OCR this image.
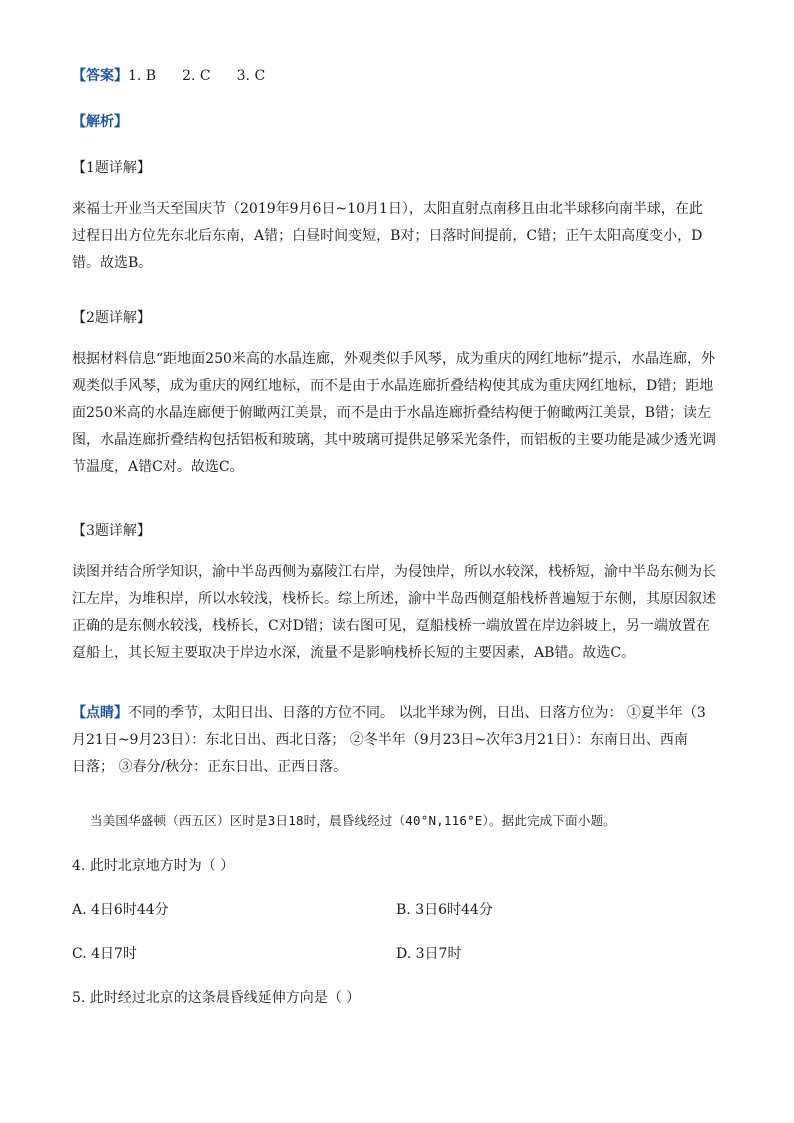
【答案】1. B 2. C 3. C
【解析】
【1题详解】
来福士开业当天至国庆节（2019年9月6日~10月1日），太阳直射点南移且由北半球移向南半球，在此
过程日出方位先东北后东南，A错；白昼时间变短，B对；日落时间提前，C错；正午太阳高度变小，D
错。故选B。
【2题详解】
根据材料信息“距地面250米高的水晶连廊，外观类似手风琴，成为重庆的网红地标”提示，水晶连廊，外
观类似手风琴，成为重庆的网红地标，而不是由于水晶连廊折叠结构使其成为重庆网红地标，D错；距地
面250米高的水晶连廊便于俯瞰两江美景，而不是由于水晶连廊折叠结构便于俯瞰两江美景，B错；读左
图，水晶连廊折叠结构包括铝板和玻璃，其中玻璃可提供足够采光条件，而铝板的主要功能是减少透光调
节温度，A错C对。故选C。
【3题详解】
读图并结合所学知识，渝中半岛西侧为嘉陵江右岸，为侵蚀岸，所以水较深，栈桥短，渝中半岛东侧为长
江左岸，为堆积岸，所以水较浅，栈桥长。综上所述，渝中半岛西侧趸船栈桥普遍短于东侧，其原因叙述
正确的是东侧水较浅，栈桥长，C对D错；读右图可见，趸船栈桥一端放置在岸边斜坡上，另一端放置在
趸船上，其长短主要取决于岸边水深，流量不是影响栈桥长短的主要因素，AB错。故选C。
【点睛】不同的季节，太阳日出、日落的方位不同。 以北半球为例，日出、日落方位为： ①夏半年（3
月21日~9月23日）：东北日出、西北日落； ②冬半年（9月23日~次年3月21日）：东南日出、西南
日落； ③春分/秋分：正东日出、正西日落。
当美国华盛顿（西五区）区时是3日18时，晨昏线经过（40°N,116°E）。据此完成下面小题。
4. 此时北京地方时为（ ）
A. 4日6时44分	B. 3日6时44分
C. 4日7时	D. 3日7时
5. 此时经过北京的这条晨昏线延伸方向是（ ）
